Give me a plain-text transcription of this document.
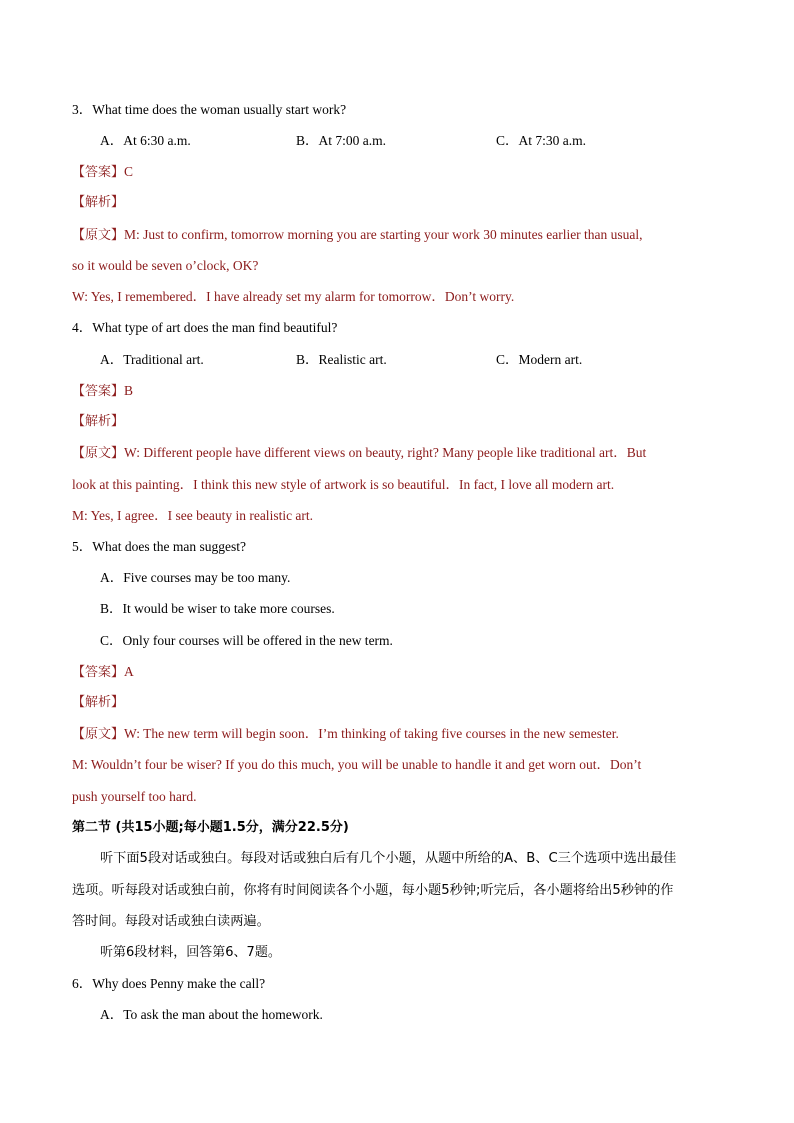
3．What time does the woman usually start work?
A．At 6:30 a.m.	B．At 7:00 a.m.	C．At 7:30 a.m.
【答案】C
【解析】
【原文】M: Just to confirm, tomorrow morning you are starting your work 30 minutes earlier than usual,
so it would be seven o’clock, OK?
W: Yes, I remembered．I have already set my alarm for tomorrow．Don’t worry.
4．What type of art does the man find beautiful?
A．Traditional art.	B．Realistic art.	C．Modern art.
【答案】B
【解析】
【原文】W: Different people have different views on beauty, right? Many people like traditional art．But
look at this painting．I think this new style of artwork is so beautiful．In fact, I love all modern art.
M: Yes, I agree．I see beauty in realistic art.
5．What does the man suggest?
A．Five courses may be too many.
B．It would be wiser to take more courses.
C．Only four courses will be offered in the new term.
【答案】A
【解析】
【原文】W: The new term will begin soon．I’m thinking of taking five courses in the new semester.
M: Wouldn’t four be wiser? If you do this much, you will be unable to handle it and get worn out．Don’t
push yourself too hard.
第二节 (共15小题;每小题1.5分，满分22.5分)
听下面5段对话或独白。每段对话或独白后有几个小题，从题中所给的A、B、C三个选项中选出最佳选项。听每段对话或独白前，你将有时间阅读各个小题，每小题5秒钟;听完后，各小题将给出5秒钟的作答时间。每段对话或独白读两遍。
听第6段材料，回答第6、7题。
6．Why does Penny make the call?
A．To ask the man about the homework.
